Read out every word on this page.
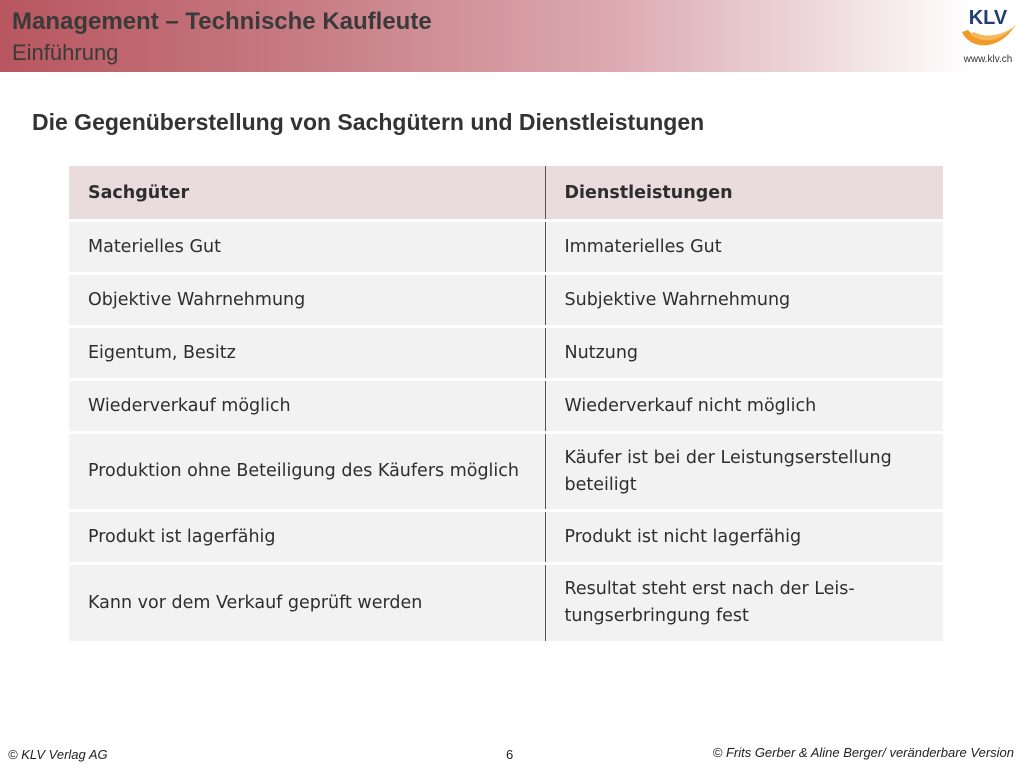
Management – Technische Kaufleute
Einführung
KLV
www.klv.ch
Die Gegenüberstellung von Sachgütern und Dienstleistungen
Sachgüter	Dienstleistungen
Materielles Gut	Immaterielles Gut
Objektive Wahrnehmung	Subjektive Wahrnehmung
Eigentum, Besitz	Nutzung
Wiederverkauf möglich	Wiederverkauf nicht möglich
Produktion ohne Beteiligung des Käufers möglich	Käufer ist bei der Leistungserstellung beteiligt
Produkt ist lagerfähig	Produkt ist nicht lagerfähig
Kann vor dem Verkauf geprüft werden	Resultat steht erst nach der Leis-tungserbringung fest
© KLV Verlag AG	6	© Frits Gerber & Aline Berger/ veränderbare Version
